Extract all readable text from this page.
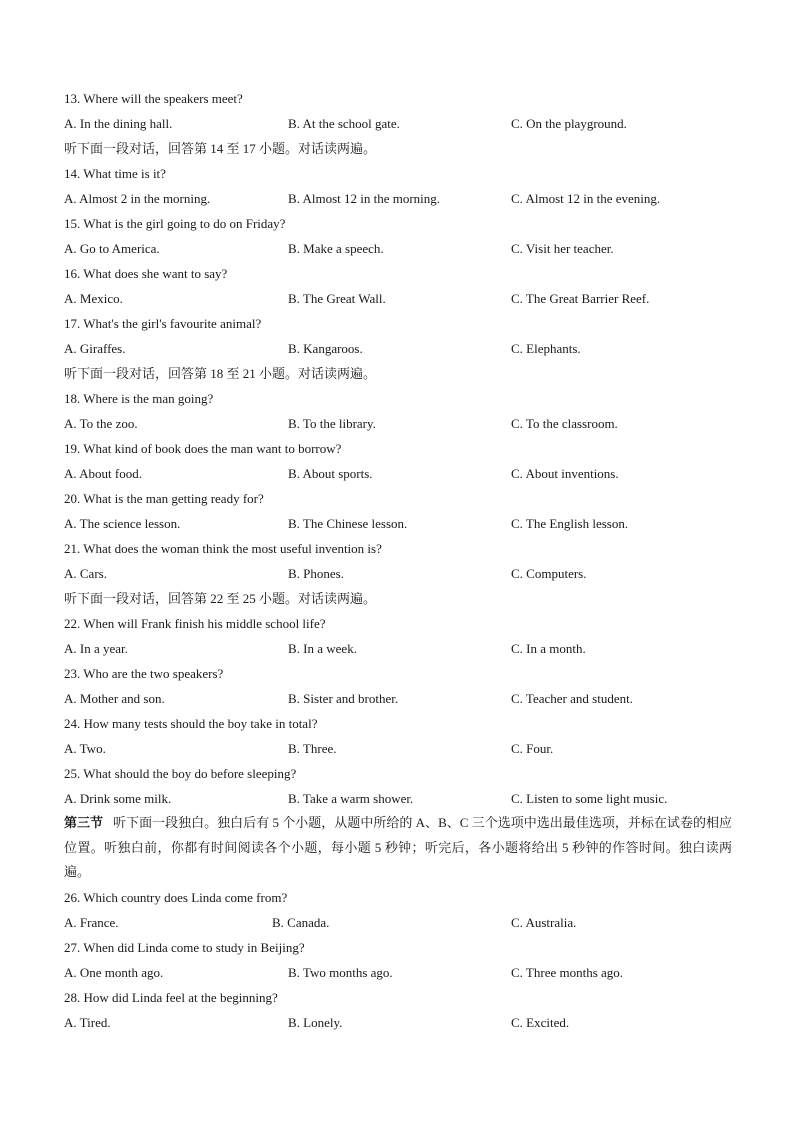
13. Where will the speakers meet?
A. In the dining hall.	B. At the school gate.	C. On the playground.
听下面一段对话，回答第 14 至 17 小题。对话读两遍。
14. What time is it?
A. Almost 2 in the morning.	B. Almost 12 in the morning.	C. Almost 12 in the evening.
15. What is the girl going to do on Friday?
A. Go to America.	B. Make a speech.	C. Visit her teacher.
16. What does she want to say?
A. Mexico.	B. The Great Wall.	C. The Great Barrier Reef.
17. What's the girl's favourite animal?
A. Giraffes.	B. Kangaroos.	C. Elephants.
听下面一段对话，回答第 18 至 21 小题。对话读两遍。
18. Where is the man going?
A. To the zoo.	B. To the library.	C. To the classroom.
19. What kind of book does the man want to borrow?
A. About food.	B. About sports.	C. About inventions.
20. What is the man getting ready for?
A. The science lesson.	B. The Chinese lesson.	C. The English lesson.
21. What does the woman think the most useful invention is?
A. Cars.	B. Phones.	C. Computers.
听下面一段对话，回答第 22 至 25 小题。对话读两遍。
22. When will Frank finish his middle school life?
A. In a year.	B. In a week.	C. In a month.
23. Who are the two speakers?
A. Mother and son.	B. Sister and brother.	C. Teacher and student.
24. How many tests should the boy take in total?
A. Two.	B. Three.	C. Four.
25. What should the boy do before sleeping?
A. Drink some milk.	B. Take a warm shower.	C. Listen to some light music.
第三节 听下面一段独白。独白后有 5 个小题，从题中所给的 A、B、C 三个选项中选出最佳选项，并标在试卷的相应位置。听独白前，你都有时间阅读各个小题，每小题 5 秒钟；听完后，各小题将给出 5 秒钟的作答时间。独白读两遍。
26. Which country does Linda come from?
A. France.	B. Canada.	C. Australia.
27. When did Linda come to study in Beijing?
A. One month ago.	B. Two months ago.	C. Three months ago.
28. How did Linda feel at the beginning?
A. Tired.	B. Lonely.	C. Excited.
